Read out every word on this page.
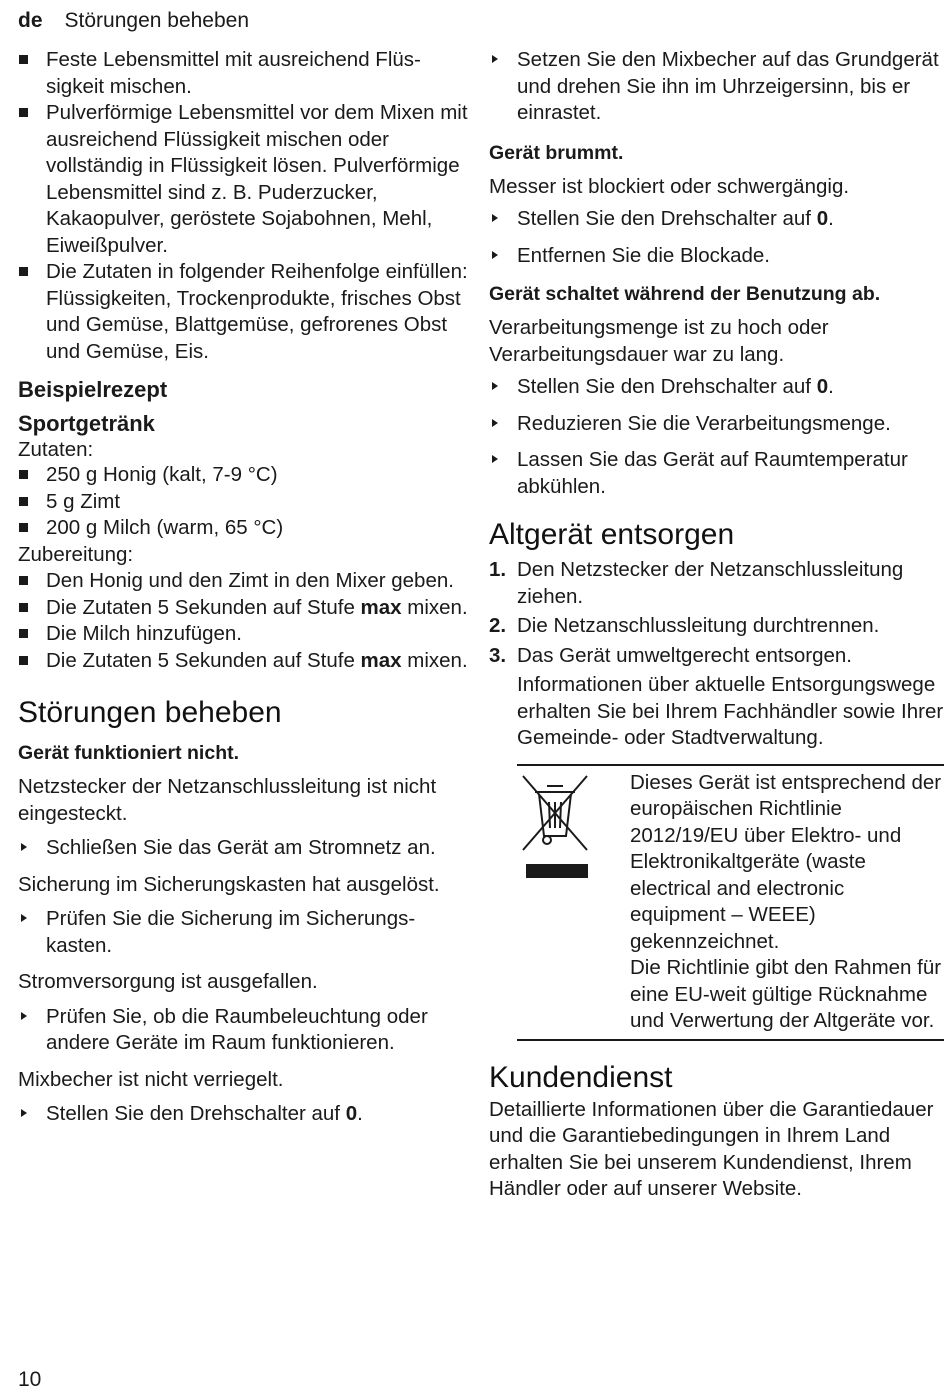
de Störungen beheben
Feste Lebensmittel mit ausreichend Flüssigkeit mischen.
Pulverförmige Lebensmittel vor dem Mixen mit ausreichend Flüssigkeit mischen oder vollständig in Flüssigkeit lösen. Pulverförmige Lebensmittel sind z. B. Puderzucker, Kakaopulver, geröstete Sojabohnen, Mehl, Eiweißpulver.
Die Zutaten in folgender Reihenfolge einfüllen: Flüssigkeiten, Trockenprodukte, frisches Obst und Gemüse, Blattgemüse, gefrorenes Obst und Gemüse, Eis.
Beispielrezept
Sportgetränk
Zutaten:
250 g Honig (kalt, 7-9 °C)
5 g Zimt
200 g Milch (warm, 65 °C)
Zubereitung:
Den Honig und den Zimt in den Mixer geben.
Die Zutaten 5 Sekunden auf Stufe max mixen.
Die Milch hinzufügen.
Die Zutaten 5 Sekunden auf Stufe max mixen.
Störungen beheben
Gerät funktioniert nicht.
Netzstecker der Netzanschlussleitung ist nicht eingesteckt.
Schließen Sie das Gerät am Stromnetz an.
Sicherung im Sicherungskasten hat ausgelöst.
Prüfen Sie die Sicherung im Sicherungskasten.
Stromversorgung ist ausgefallen.
Prüfen Sie, ob die Raumbeleuchtung oder andere Geräte im Raum funktionieren.
Mixbecher ist nicht verriegelt.
Stellen Sie den Drehschalter auf 0.
Setzen Sie den Mixbecher auf das Grundgerät und drehen Sie ihn im Uhrzeigersinn, bis er einrastet.
Gerät brummt.
Messer ist blockiert oder schwergängig.
Stellen Sie den Drehschalter auf 0.
Entfernen Sie die Blockade.
Gerät schaltet während der Benutzung ab.
Verarbeitungsmenge ist zu hoch oder Verarbeitungsdauer war zu lang.
Stellen Sie den Drehschalter auf 0.
Reduzieren Sie die Verarbeitungsmenge.
Lassen Sie das Gerät auf Raumtemperatur abkühlen.
Altgerät entsorgen
1. Den Netzstecker der Netzanschlussleitung ziehen.
2. Die Netzanschlussleitung durchtrennen.
3. Das Gerät umweltgerecht entsorgen.
Informationen über aktuelle Entsorgungswege erhalten Sie bei Ihrem Fachhändler sowie Ihrer Gemeinde- oder Stadtverwaltung.
Dieses Gerät ist entsprechend der europäischen Richtlinie 2012/19/EU über Elektro- und Elektronikaltgeräte (waste electrical and electronic equipment – WEEE) gekennzeichnet.
Die Richtlinie gibt den Rahmen für eine EU-weit gültige Rücknahme und Verwertung der Altgeräte vor.
Kundendienst
Detaillierte Informationen über die Garantiedauer und die Garantiebedingungen in Ihrem Land erhalten Sie bei unserem Kundendienst, Ihrem Händler oder auf unserer Website.
10
